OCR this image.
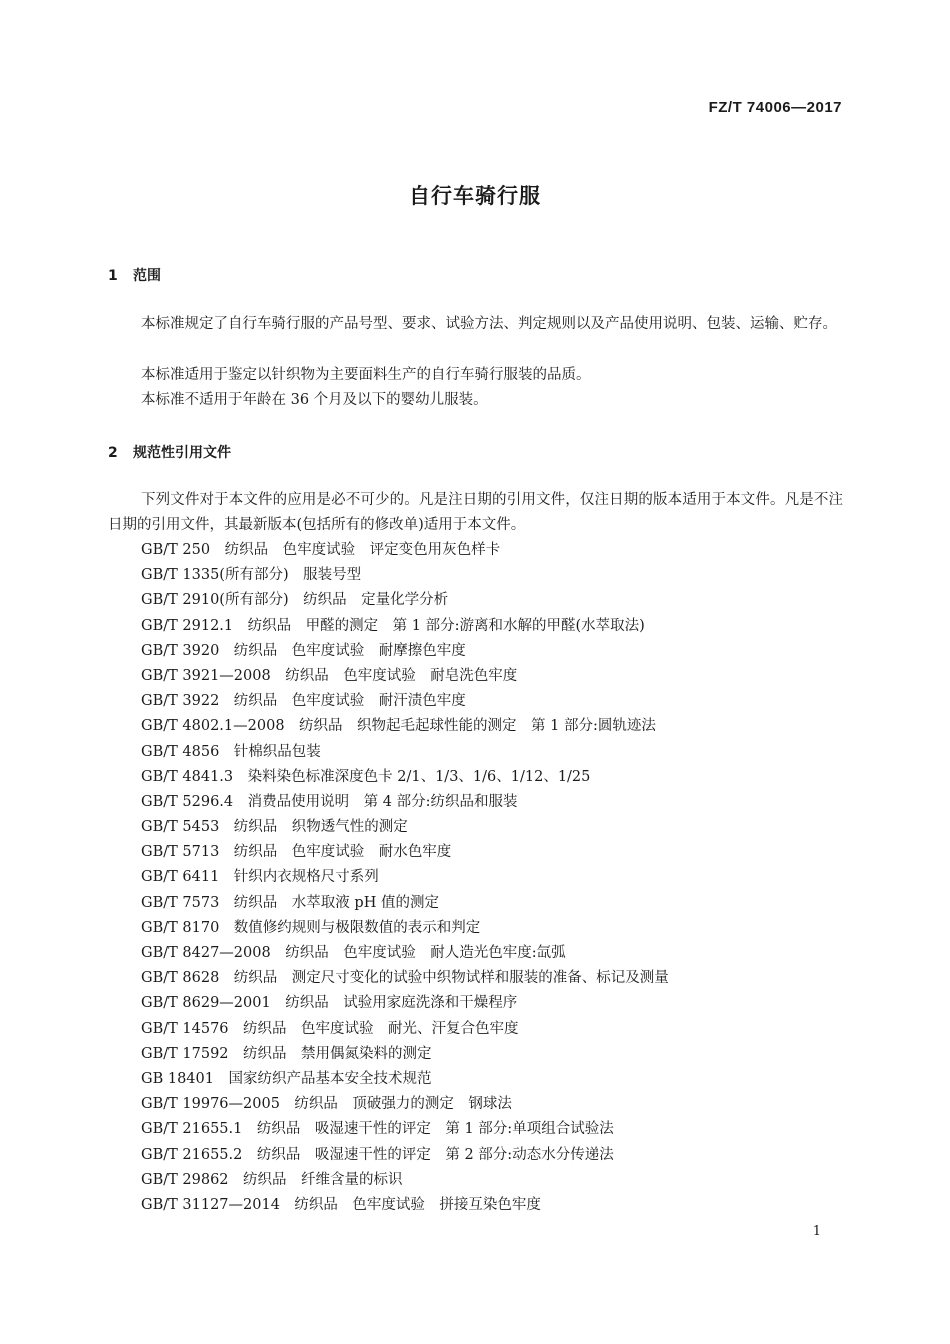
FZ/T 74006—2017
自行车骑行服
1 范围
本标准规定了自行车骑行服的产品号型、要求、试验方法、判定规则以及产品使用说明、包装、运输、贮存。
本标准适用于鉴定以针织物为主要面料生产的自行车骑行服装的品质。
本标准不适用于年龄在 36 个月及以下的婴幼儿服装。
2 规范性引用文件
下列文件对于本文件的应用是必不可少的。凡是注日期的引用文件，仅注日期的版本适用于本文件。凡是不注日期的引用文件，其最新版本(包括所有的修改单)适用于本文件。
GB/T 250　纺织品　色牢度试验　评定变色用灰色样卡
GB/T 1335(所有部分)　服装号型
GB/T 2910(所有部分)　纺织品　定量化学分析
GB/T 2912.1　纺织品　甲醛的测定　第 1 部分:游离和水解的甲醛(水萃取法)
GB/T 3920　纺织品　色牢度试验　耐摩擦色牢度
GB/T 3921—2008　纺织品　色牢度试验　耐皂洗色牢度
GB/T 3922　纺织品　色牢度试验　耐汗渍色牢度
GB/T 4802.1—2008　纺织品　织物起毛起球性能的测定　第 1 部分:圆轨迹法
GB/T 4856　针棉织品包装
GB/T 4841.3　染料染色标准深度色卡 2/1、1/3、1/6、1/12、1/25
GB/T 5296.4　消费品使用说明　第 4 部分:纺织品和服装
GB/T 5453　纺织品　织物透气性的测定
GB/T 5713　纺织品　色牢度试验　耐水色牢度
GB/T 6411　针织内衣规格尺寸系列
GB/T 7573　纺织品　水萃取液 pH 值的测定
GB/T 8170　数值修约规则与极限数值的表示和判定
GB/T 8427—2008　纺织品　色牢度试验　耐人造光色牢度:氙弧
GB/T 8628　纺织品　测定尺寸变化的试验中织物试样和服装的准备、标记及测量
GB/T 8629—2001　纺织品　试验用家庭洗涤和干燥程序
GB/T 14576　纺织品　色牢度试验　耐光、汗复合色牢度
GB/T 17592　纺织品　禁用偶氮染料的测定
GB 18401　国家纺织产品基本安全技术规范
GB/T 19976—2005　纺织品　顶破强力的测定　钢球法
GB/T 21655.1　纺织品　吸湿速干性的评定　第 1 部分:单项组合试验法
GB/T 21655.2　纺织品　吸湿速干性的评定　第 2 部分:动态水分传递法
GB/T 29862　纺织品　纤维含量的标识
GB/T 31127—2014　纺织品　色牢度试验　拼接互染色牢度
1
